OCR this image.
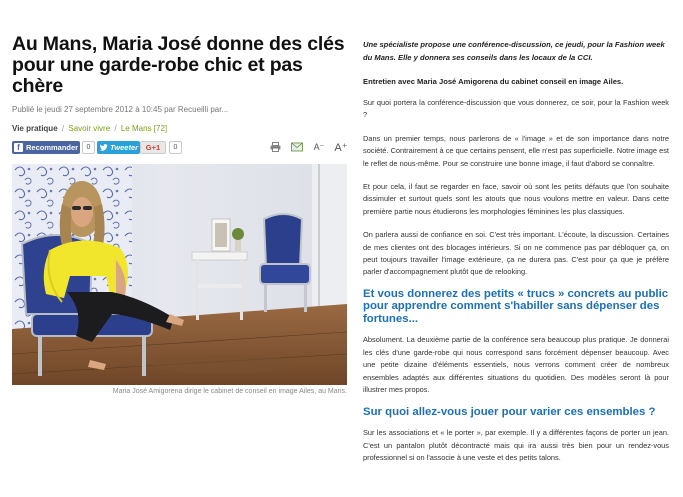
Au Mans, Maria José donne des clés
pour une garde-robe chic et pas
chère
Publié le jeudi 27 septembre 2012 à 10:45 par Recueilli par...
Vie pratique / Savoir vivre / Le Mans [72]
f Recommander	0	Tweeter	G+1	0	A⁻ A⁺
Maria José Amigorena dirige le cabinet de conseil en image Ailes, au Mans.
Une spécialiste propose une conférence-discussion, ce jeudi, pour la Fashion week
du Mans. Elle y donnera ses conseils dans les locaux de la CCI.
Entretien avec Maria José Amigorena du cabinet conseil en image Ailes.

Sur quoi portera la conférence-discussion que vous donnerez, ce soir, pour la Fashion week ?

Dans un premier temps, nous parlerons de « l'image » et de son importance dans notre société. Contrairement à ce que certains pensent, elle n'est pas superficielle. Notre image est le reflet de nous-même. Pour se construire une bonne image, il faut d'abord se connaître.

Et pour cela, il faut se regarder en face, savoir où sont les petits défauts que l'on souhaite dissimuler et surtout quels sont les atouts que nous voulons mettre en valeur. Dans cette première partie nous étudierons les morphologies féminines les plus classiques.

On parlera aussi de confiance en soi. C'est très important. L'écoute, la discussion. Certaines de mes clientes ont des blocages intérieurs. Si on ne commence pas par débloquer ça, on peut toujours travailler l'image extérieure, ça ne durera pas. C'est pour ça que je préfère parler d'accompagnement plutôt que de relooking.

Et vous donnerez des petits « trucs » concrets au public pour apprendre comment s'habiller sans dépenser des fortunes...

Absolument. La deuxième partie de la conférence sera beaucoup plus pratique. Je donnerai les clés d'une garde-robe qui nous correspond sans forcément dépenser beaucoup. Avec une petite dizaine d'éléments essentiels, nous verrons comment créer de nombreux ensembles adaptés aux différentes situations du quotidien. Des modèles seront là pour illustrer mes propos.

Sur quoi allez-vous jouer pour varier ces ensembles ?

Sur les associations et « le porter », par exemple. Il y a différentes façons de porter un jean. C'est un pantalon plutôt décontracté mais qui ira aussi très bien pour un rendez-vous professionnel si on l'associe à une veste et des petits talons.
